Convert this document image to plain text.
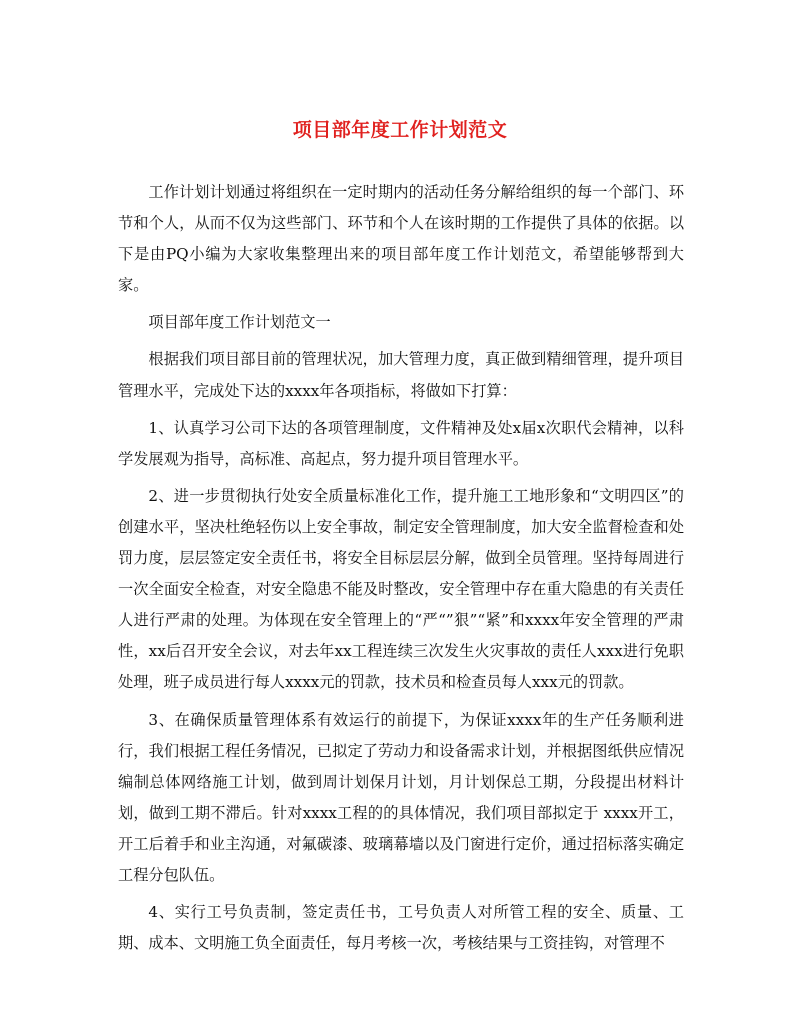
项目部年度工作计划范文

工作计划计划通过将组织在一定时期内的活动任务分解给组织的每一个部门、环节和个人，从而不仅为这些部门、环节和个人在该时期的工作提供了具体的依据。以下是由PQ小编为大家收集整理出来的项目部年度工作计划范文，希望能够帮到大家。

项目部年度工作计划范文一

根据我们项目部目前的管理状况，加大管理力度，真正做到精细管理，提升项目管理水平，完成处下达的xxxx年各项指标，将做如下打算：

1、认真学习公司下达的各项管理制度，文件精神及处x届x次职代会精神，以科学发展观为指导，高标准、高起点，努力提升项目管理水平。

2、进一步贯彻执行处安全质量标准化工作，提升施工工地形象和“文明四区”的创建水平，坚决杜绝轻伤以上安全事故，制定安全管理制度，加大安全监督检查和处罚力度，层层签定安全责任书，将安全目标层层分解，做到全员管理。坚持每周进行一次全面安全检查，对安全隐患不能及时整改，安全管理中存在重大隐患的有关责任人进行严肃的处理。为体现在安全管理上的“严“”狠”“紧”和xxxx年安全管理的严肃性，xx后召开安全会议，对去年xx工程连续三次发生火灾事故的责任人xxx进行免职处理，班子成员进行每人xxxx元的罚款，技术员和检查员每人xxx元的罚款。

3、在确保质量管理体系有效运行的前提下，为保证xxxx年的生产任务顺利进行，我们根据工程任务情况，已拟定了劳动力和设备需求计划，并根据图纸供应情况编制总体网络施工计划，做到周计划保月计划，月计划保总工期，分段提出材料计划，做到工期不滞后。针对xxxx工程的的具体情况，我们项目部拟定于 xxxx开工，开工后着手和业主沟通，对氟碳漆、玻璃幕墙以及门窗进行定价，通过招标落实确定工程分包队伍。

4、实行工号负责制，签定责任书，工号负责人对所管工程的安全、质量、工期、成本、文明施工负全面责任，每月考核一次，考核结果与工资挂钩，对管理不
